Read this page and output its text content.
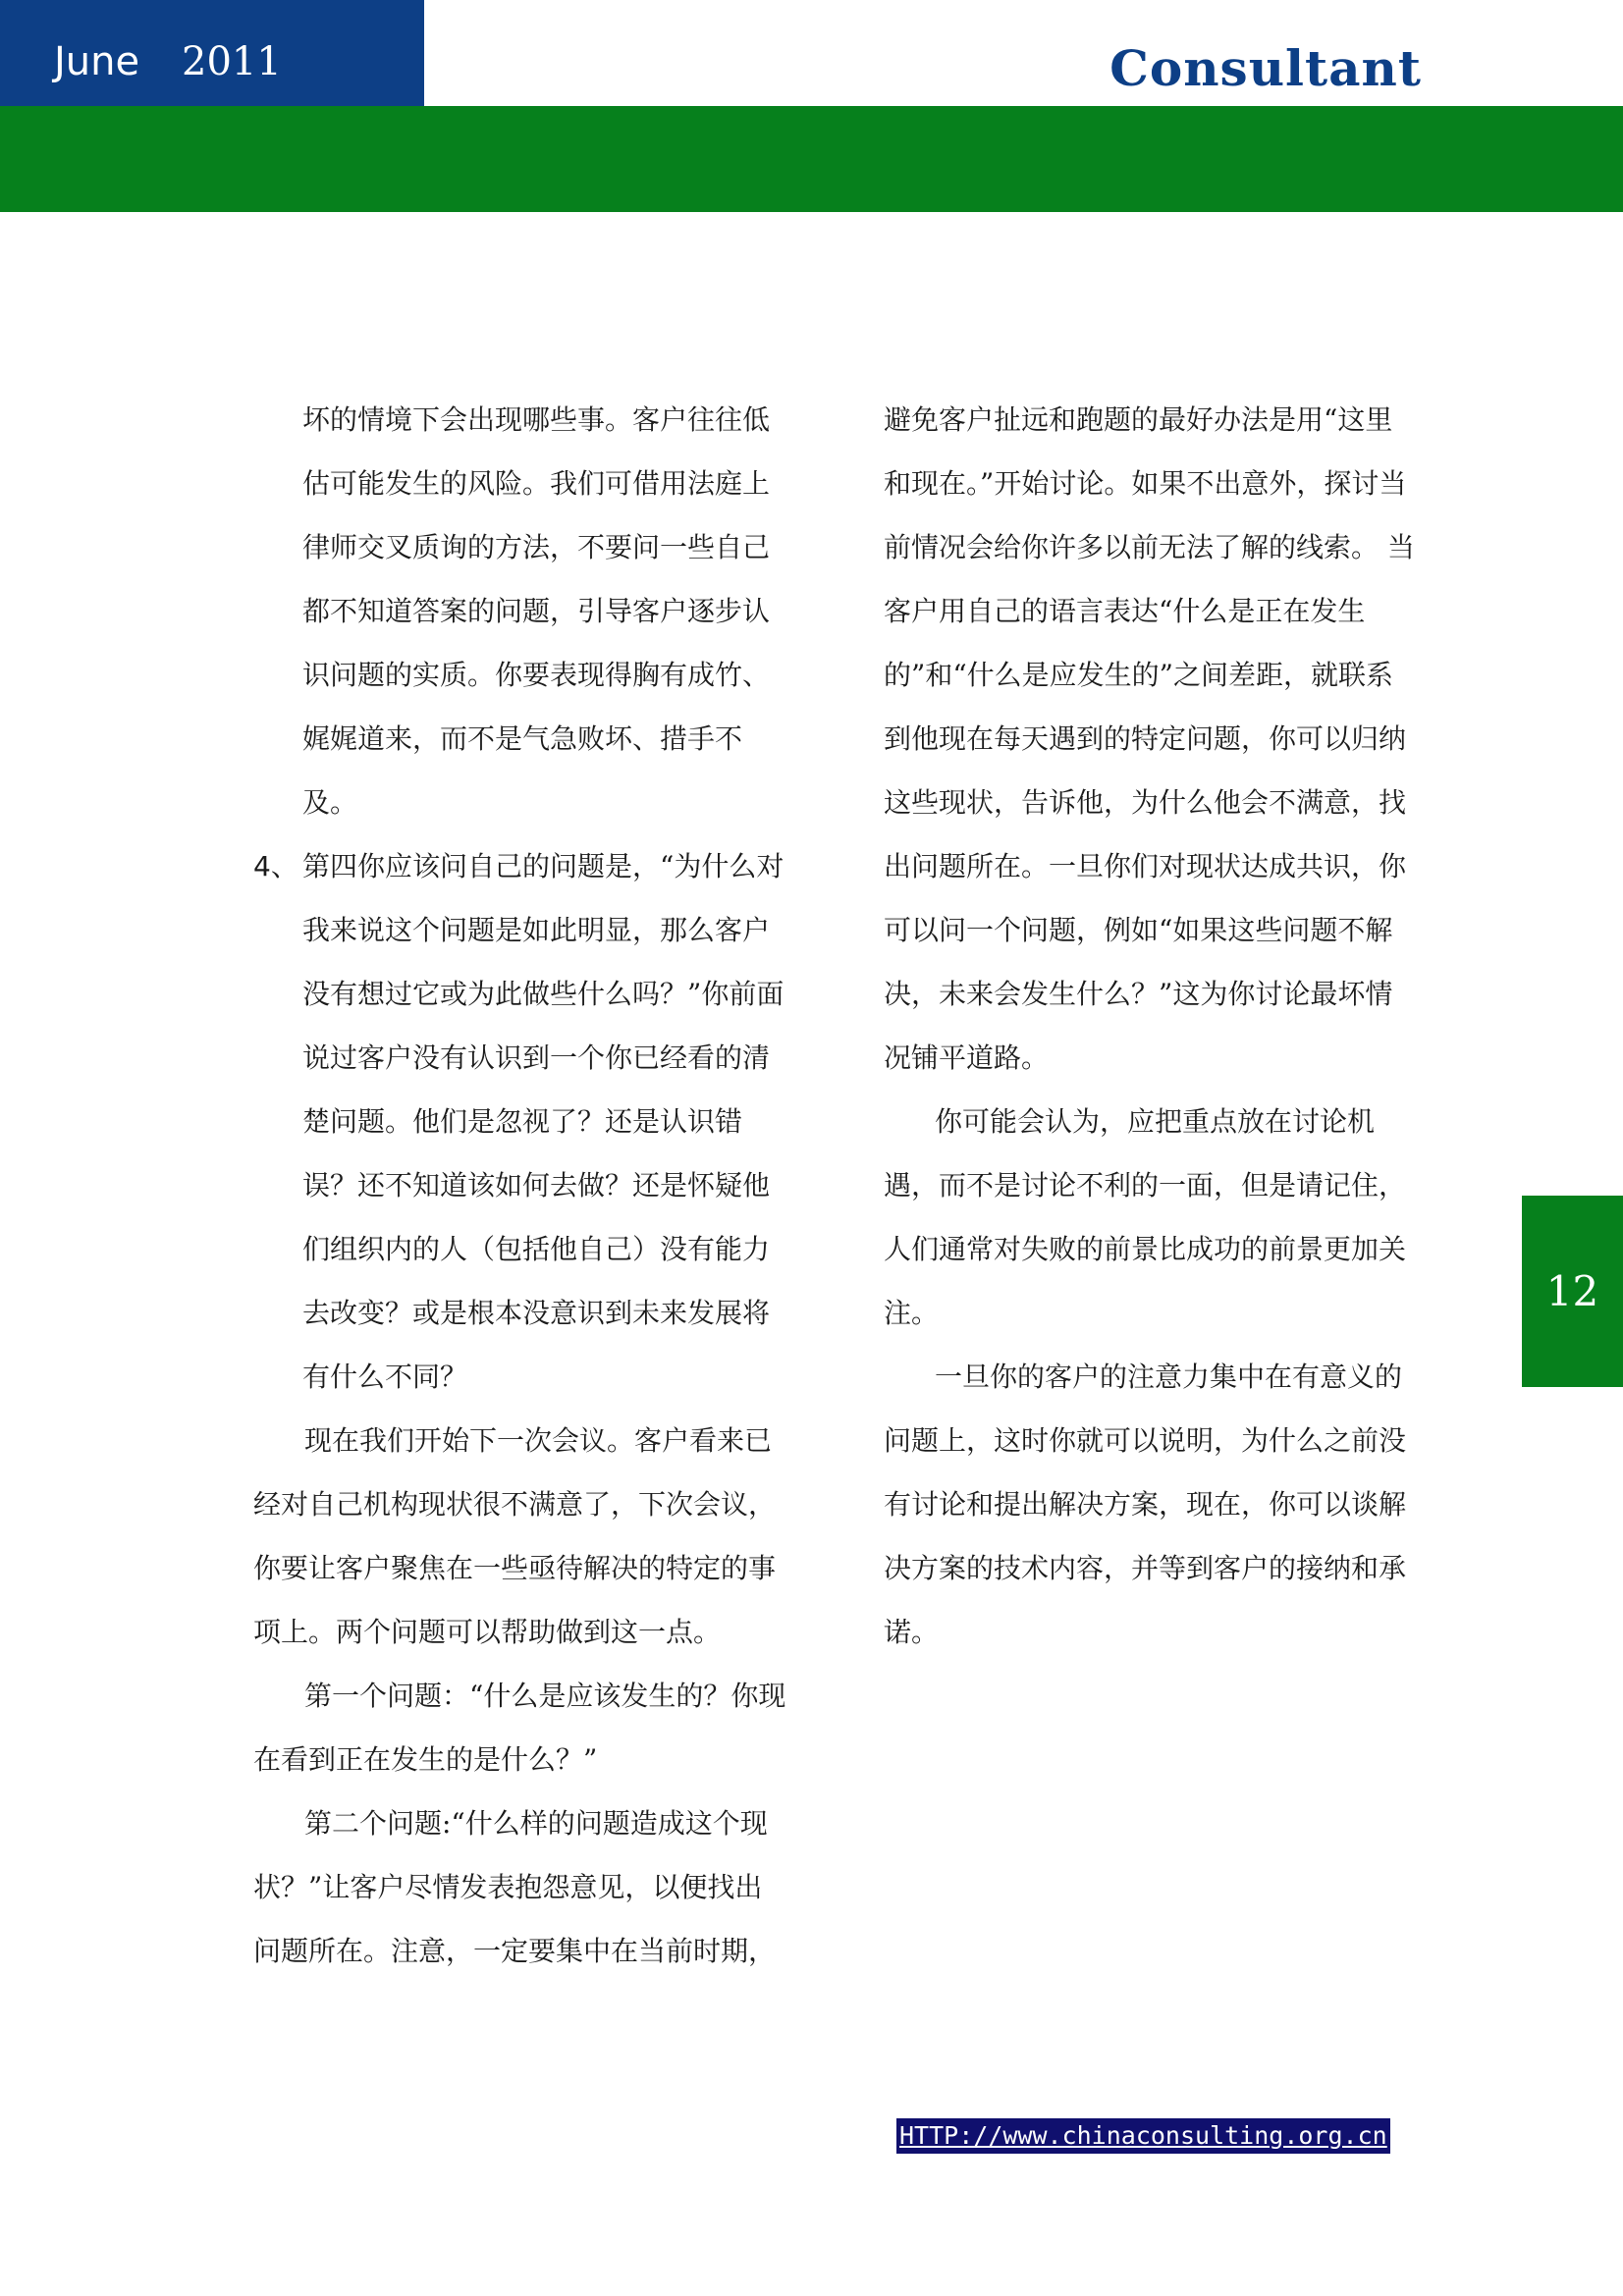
June 2011	Consultant

坏的情境下会出现哪些事。客户往往低估可能发生的风险。我们可借用法庭上律师交叉质询的方法，不要问一些自己都不知道答案的问题，引导客户逐步认识问题的实质。你要表现得胸有成竹、娓娓道来，而不是气急败坏、措手不及。

4、 第四你应该问自己的问题是，“为什么对我来说这个问题是如此明显，那么客户没有想过它或为此做些什么吗？”你前面说过客户没有认识到一个你已经看的清楚问题。他们是忽视了？还是认识错误？还不知道该如何去做？还是怀疑他们组织内的人（包括他自己）没有能力去改变？或是根本没意识到未来发展将有什么不同？

现在我们开始下一次会议。客户看来已经对自己机构现状很不满意了，下次会议，你要让客户聚焦在一些亟待解决的特定的事项上。两个问题可以帮助做到这一点。

第一个问题：“什么是应该发生的？你现在看到正在发生的是什么？”

第二个问题:“什么样的问题造成这个现状？”让客户尽情发表抱怨意见，以便找出问题所在。注意，一定要集中在当前时期，

避免客户扯远和跑题的最好办法是用“这里和现在。”开始讨论。如果不出意外，探讨当前情况会给你许多以前无法了解的线索。 当客户用自己的语言表达“什么是正在发生的”和“什么是应发生的”之间差距，就联系到他现在每天遇到的特定问题，你可以归纳这些现状，告诉他，为什么他会不满意，找出问题所在。一旦你们对现状达成共识，你可以问一个问题，例如“如果这些问题不解决，未来会发生什么？”这为你讨论最坏情况铺平道路。

你可能会认为，应把重点放在讨论机遇，而不是讨论不利的一面，但是请记住，人们通常对失败的前景比成功的前景更加关注。

一旦你的客户的注意力集中在有意义的问题上，这时你就可以说明，为什么之前没有讨论和提出解决方案，现在，你可以谈解决方案的技术内容，并等到客户的接纳和承诺。

12
HTTP://www.chinaconsulting.org.cn
